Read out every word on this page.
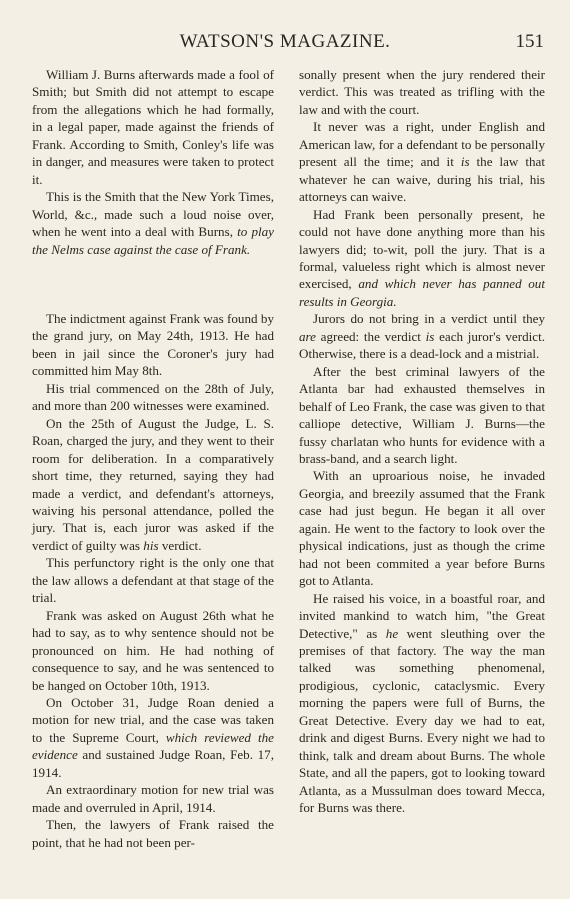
WATSON'S MAGAZINE.	151

William J. Burns afterwards made a fool of Smith; but Smith did not attempt to escape from the allegations which he had formally, in a legal paper, made against the friends of Frank. According to Smith, Conley's life was in danger, and measures were taken to protect it.

This is the Smith that the New York Times, World, &c., made such a loud noise over, when he went into a deal with Burns, to play the Nelms case against the case of Frank.

The indictment against Frank was found by the grand jury, on May 24th, 1913. He had been in jail since the Coroner's jury had committed him May 8th.

His trial commenced on the 28th of July, and more than 200 witnesses were examined.

On the 25th of August the Judge, L. S. Roan, charged the jury, and they went to their room for deliberation. In a comparatively short time, they returned, saying they had made a verdict, and defendant's attorneys, waiving his personal attendance, polled the jury. That is, each juror was asked if the verdict of guilty was his verdict.

This perfunctory right is the only one that the law allows a defendant at that stage of the trial.

Frank was asked on August 26th what he had to say, as to why sentence should not be pronounced on him. He had nothing of consequence to say, and he was sentenced to be hanged on October 10th, 1913.

On October 31, Judge Roan denied a motion for new trial, and the case was taken to the Supreme Court, which reviewed the evidence and sustained Judge Roan, Feb. 17, 1914.

An extraordinary motion for new trial was made and overruled in April, 1914.

Then, the lawyers of Frank raised the point, that he had not been per-

sonally present when the jury rendered their verdict. This was treated as trifling with the law and with the court.

It never was a right, under English and American law, for a defendant to be personally present all the time; and it is the law that whatever he can waive, during his trial, his attorneys can waive.

Had Frank been personally present, he could not have done anything more than his lawyers did; to-wit, poll the jury. That is a formal, valueless right which is almost never exercised, and which never has panned out results in Georgia.

Jurors do not bring in a verdict until they are agreed: the verdict is each juror's verdict. Otherwise, there is a dead-lock and a mistrial.

After the best criminal lawyers of the Atlanta bar had exhausted themselves in behalf of Leo Frank, the case was given to that calliope detective, William J. Burns—the fussy charlatan who hunts for evidence with a brass-band, and a search light.

With an uproarious noise, he invaded Georgia, and breezily assumed that the Frank case had just begun. He began it all over again. He went to the factory to look over the physical indications, just as though the crime had not been commited a year before Burns got to Atlanta.

He raised his voice, in a boastful roar, and invited mankind to watch him, "the Great Detective," as he went sleuthing over the premises of that factory. The way the man talked was something phenomenal, prodigious, cyclonic, cataclysmic. Every morning the papers were full of Burns, the Great Detective. Every day we had to eat, drink and digest Burns. Every night we had to think, talk and dream about Burns. The whole State, and all the papers, got to looking toward Atlanta, as a Mussulman does toward Mecca, for Burns was there.
